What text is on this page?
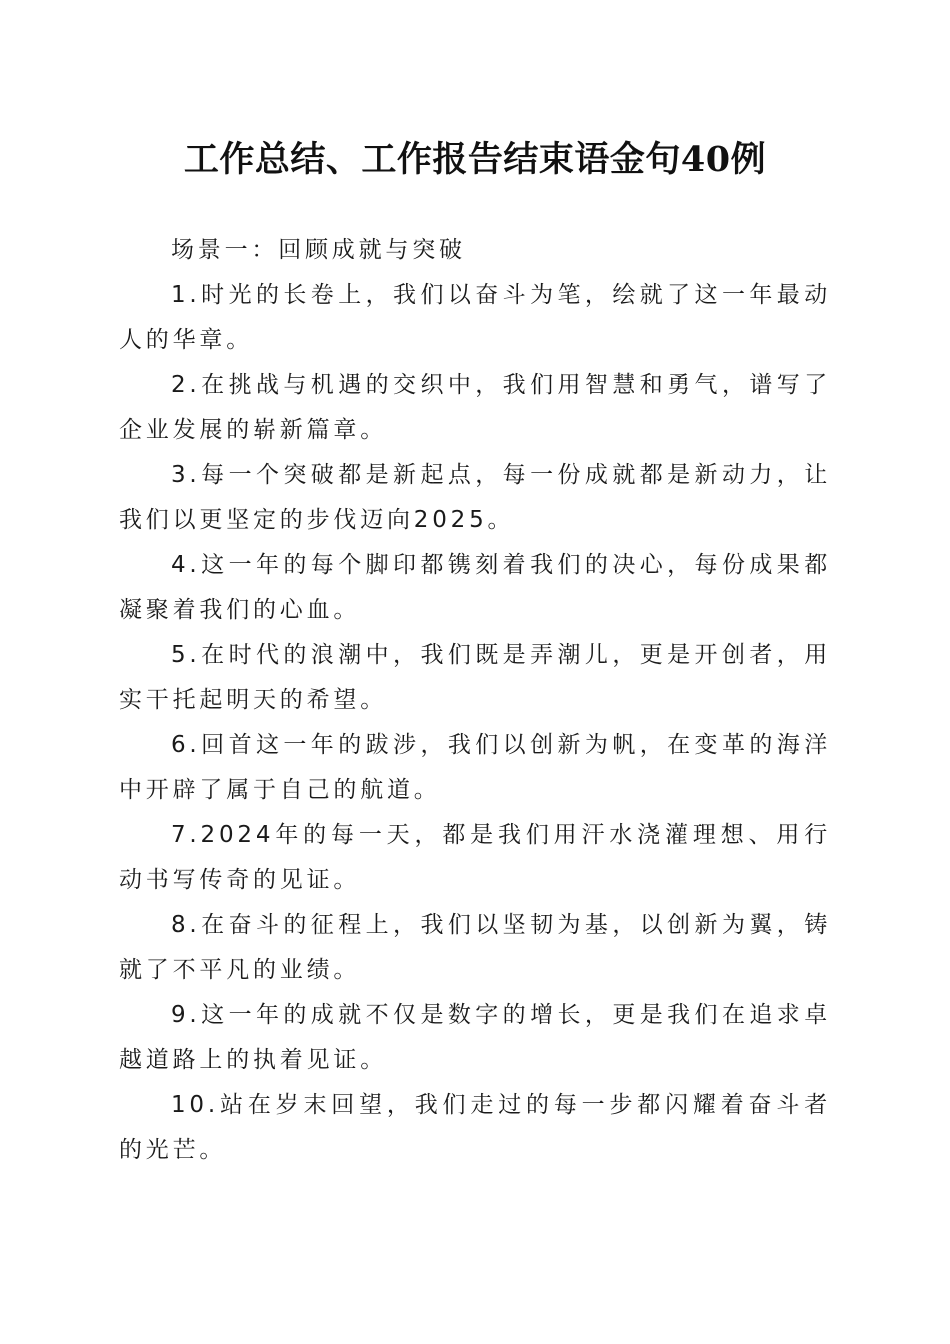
工作总结、工作报告结束语金句40例

场景一：回顾成就与突破

1.时光的长卷上，我们以奋斗为笔，绘就了这一年最动人的华章。

2.在挑战与机遇的交织中，我们用智慧和勇气，谱写了企业发展的崭新篇章。

3.每一个突破都是新起点，每一份成就都是新动力，让我们以更坚定的步伐迈向2025。

4.这一年的每个脚印都镌刻着我们的决心，每份成果都凝聚着我们的心血。

5.在时代的浪潮中，我们既是弄潮儿，更是开创者，用实干托起明天的希望。

6.回首这一年的跋涉，我们以创新为帆，在变革的海洋中开辟了属于自己的航道。

7.2024年的每一天，都是我们用汗水浇灌理想、用行动书写传奇的见证。

8.在奋斗的征程上，我们以坚韧为基，以创新为翼，铸就了不平凡的业绩。

9.这一年的成就不仅是数字的增长，更是我们在追求卓越道路上的执着见证。

10.站在岁末回望，我们走过的每一步都闪耀着奋斗者的光芒。
